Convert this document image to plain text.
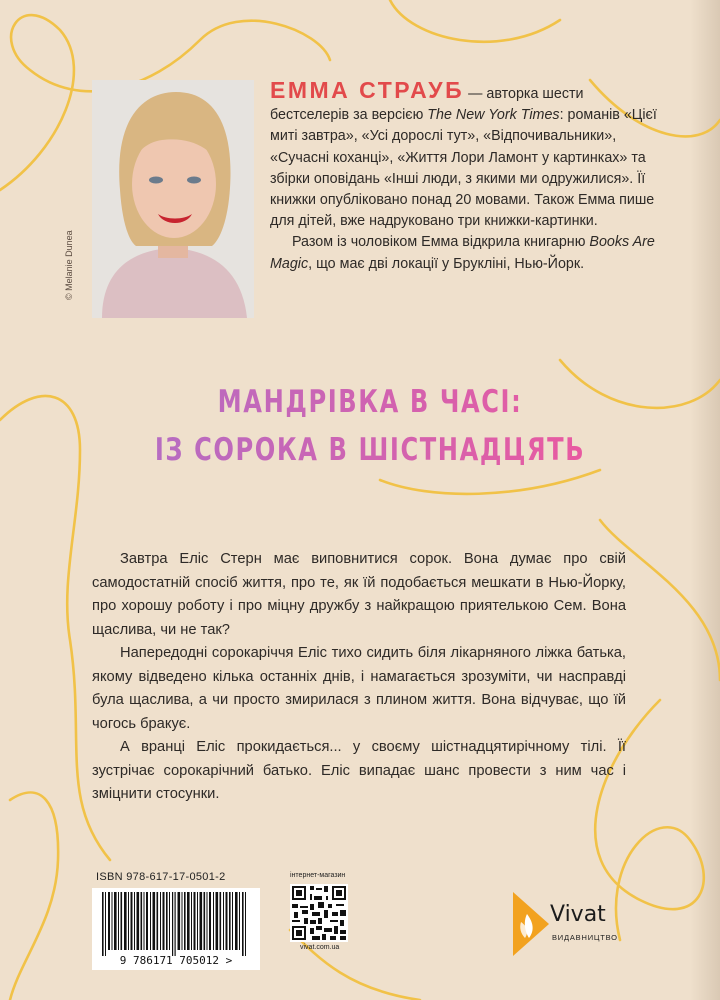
© Melanie Dunea

ЕММА СТРАУБ — авторка шести бестселерів за версією The New York Times: романів «Цієї миті завтра», «Усі дорослі тут», «Відпочивальники», «Сучасні коханці», «Життя Лори Ламонт у картинках» та збірки оповідань «Інші люди, з якими ми одружилися». Її книжки опубліковано понад 20 мовами. Також Емма пише для дітей, вже надруковано три книжки-картинки.

Разом із чоловіком Емма відкрила книгарню Books Are Magic, що має дві локації у Брукліні, Нью-Йорк.

МАНДРІВКА В ЧАСІ:
ІЗ СОРОКА В ШІСТНАДЦЯТЬ

Завтра Еліс Стерн має виповнитися сорок. Вона думає про свій самодостатній спосіб життя, про те, як їй подобається мешкати в Нью-Йорку, про хорошу роботу і про міцну дружбу з найкращою приятелькою Сем. Вона щаслива, чи не так?

Напередодні сорокаріччя Еліс тихо сидить біля лікарняного ліжка батька, якому відведено кілька останніх днів, і намагається зрозуміти, чи насправді була щаслива, а чи просто змирилася з плином життя. Вона відчуває, що їй чогось бракує.

А вранці Еліс прокидається... у своєму шістнадцятирічному тілі. Її зустрічає сорокарічний батько. Еліс випадає шанс провести з ним час і зміцнити стосунки.

ISBN 978-617-17-0501-2
9 786171 705012 >
інтернет-магазин
vivat.com.ua
Vivat
ВИДАВНИЦТВО
